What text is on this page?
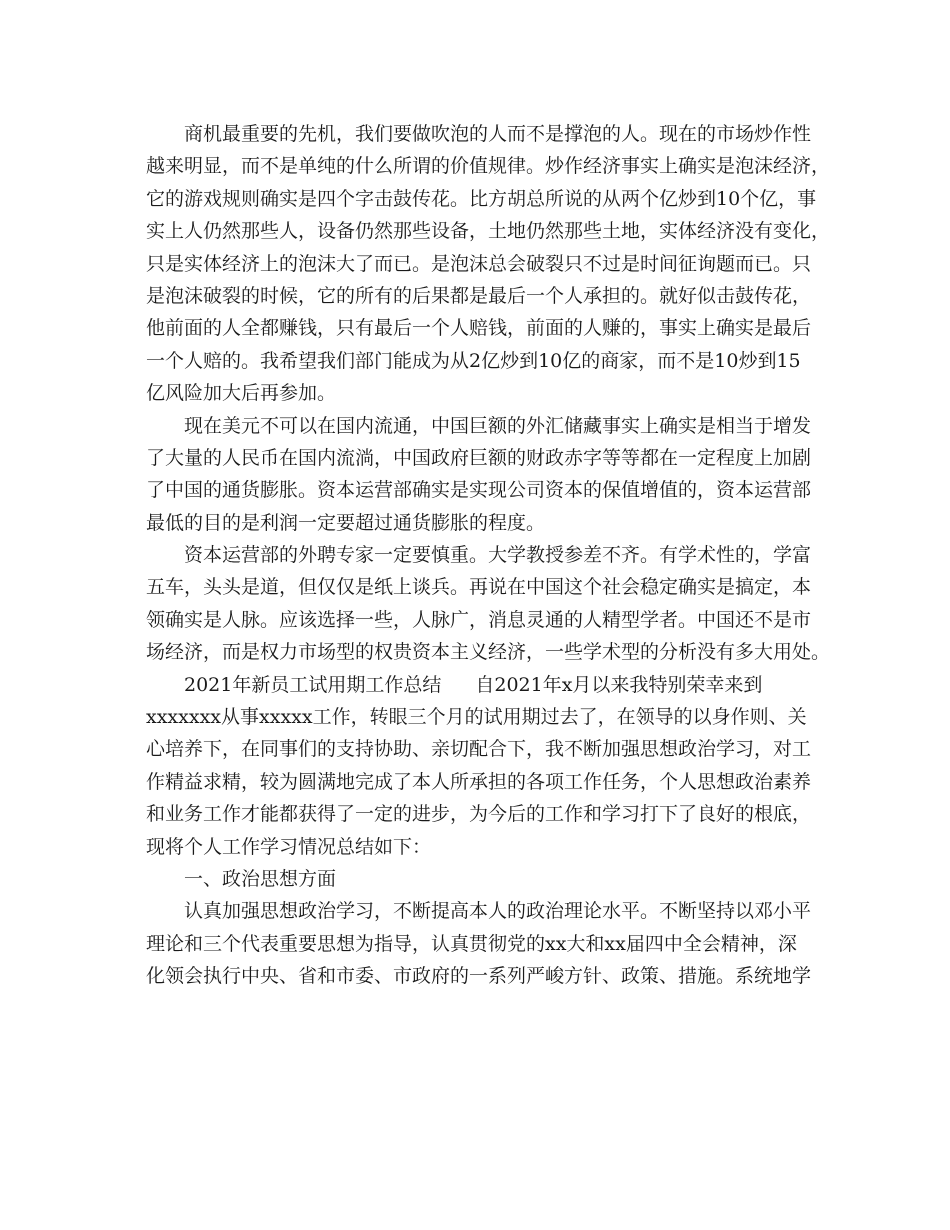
商机最重要的先机，我们要做吹泡的人而不是撑泡的人。现在的市场炒作性
越来明显，而不是单纯的什么所谓的价值规律。炒作经济事实上确实是泡沫经济，
它的游戏规则确实是四个字击鼓传花。比方胡总所说的从两个亿炒到10个亿，事
实上人仍然那些人，设备仍然那些设备，土地仍然那些土地，实体经济没有变化，
只是实体经济上的泡沫大了而已。是泡沫总会破裂只不过是时间征询题而已。只
是泡沫破裂的时候，它的所有的后果都是最后一个人承担的。就好似击鼓传花，
他前面的人全都赚钱，只有最后一个人赔钱，前面的人赚的，事实上确实是最后
一个人赔的。我希望我们部门能成为从2亿炒到10亿的商家，而不是10炒到15
亿风险加大后再参加。
现在美元不可以在国内流通，中国巨额的外汇储藏事实上确实是相当于增发
了大量的人民币在国内流淌，中国政府巨额的财政赤字等等都在一定程度上加剧
了中国的通货膨胀。资本运营部确实是实现公司资本的保值增值的，资本运营部
最低的目的是利润一定要超过通货膨胀的程度。
资本运营部的外聘专家一定要慎重。大学教授参差不齐。有学术性的，学富
五车，头头是道，但仅仅是纸上谈兵。再说在中国这个社会稳定确实是搞定，本
领确实是人脉。应该选择一些，人脉广，消息灵通的人精型学者。中国还不是市
场经济，而是权力市场型的权贵资本主义经济，一些学术型的分析没有多大用处。
2021年新员工试用期工作总结 自2021年x月以来我特别荣幸来到
xxxxxxx从事xxxxx工作，转眼三个月的试用期过去了，在领导的以身作则、关
心培养下，在同事们的支持协助、亲切配合下，我不断加强思想政治学习，对工
作精益求精，较为圆满地完成了本人所承担的各项工作任务，个人思想政治素养
和业务工作才能都获得了一定的进步，为今后的工作和学习打下了良好的根底，
现将个人工作学习情况总结如下：
一、政治思想方面
认真加强思想政治学习，不断提高本人的政治理论水平。不断坚持以邓小平
理论和三个代表重要思想为指导，认真贯彻党的xx大和xx届四中全会精神，深
化领会执行中央、省和市委、市政府的一系列严峻方针、政策、措施。系统地学
